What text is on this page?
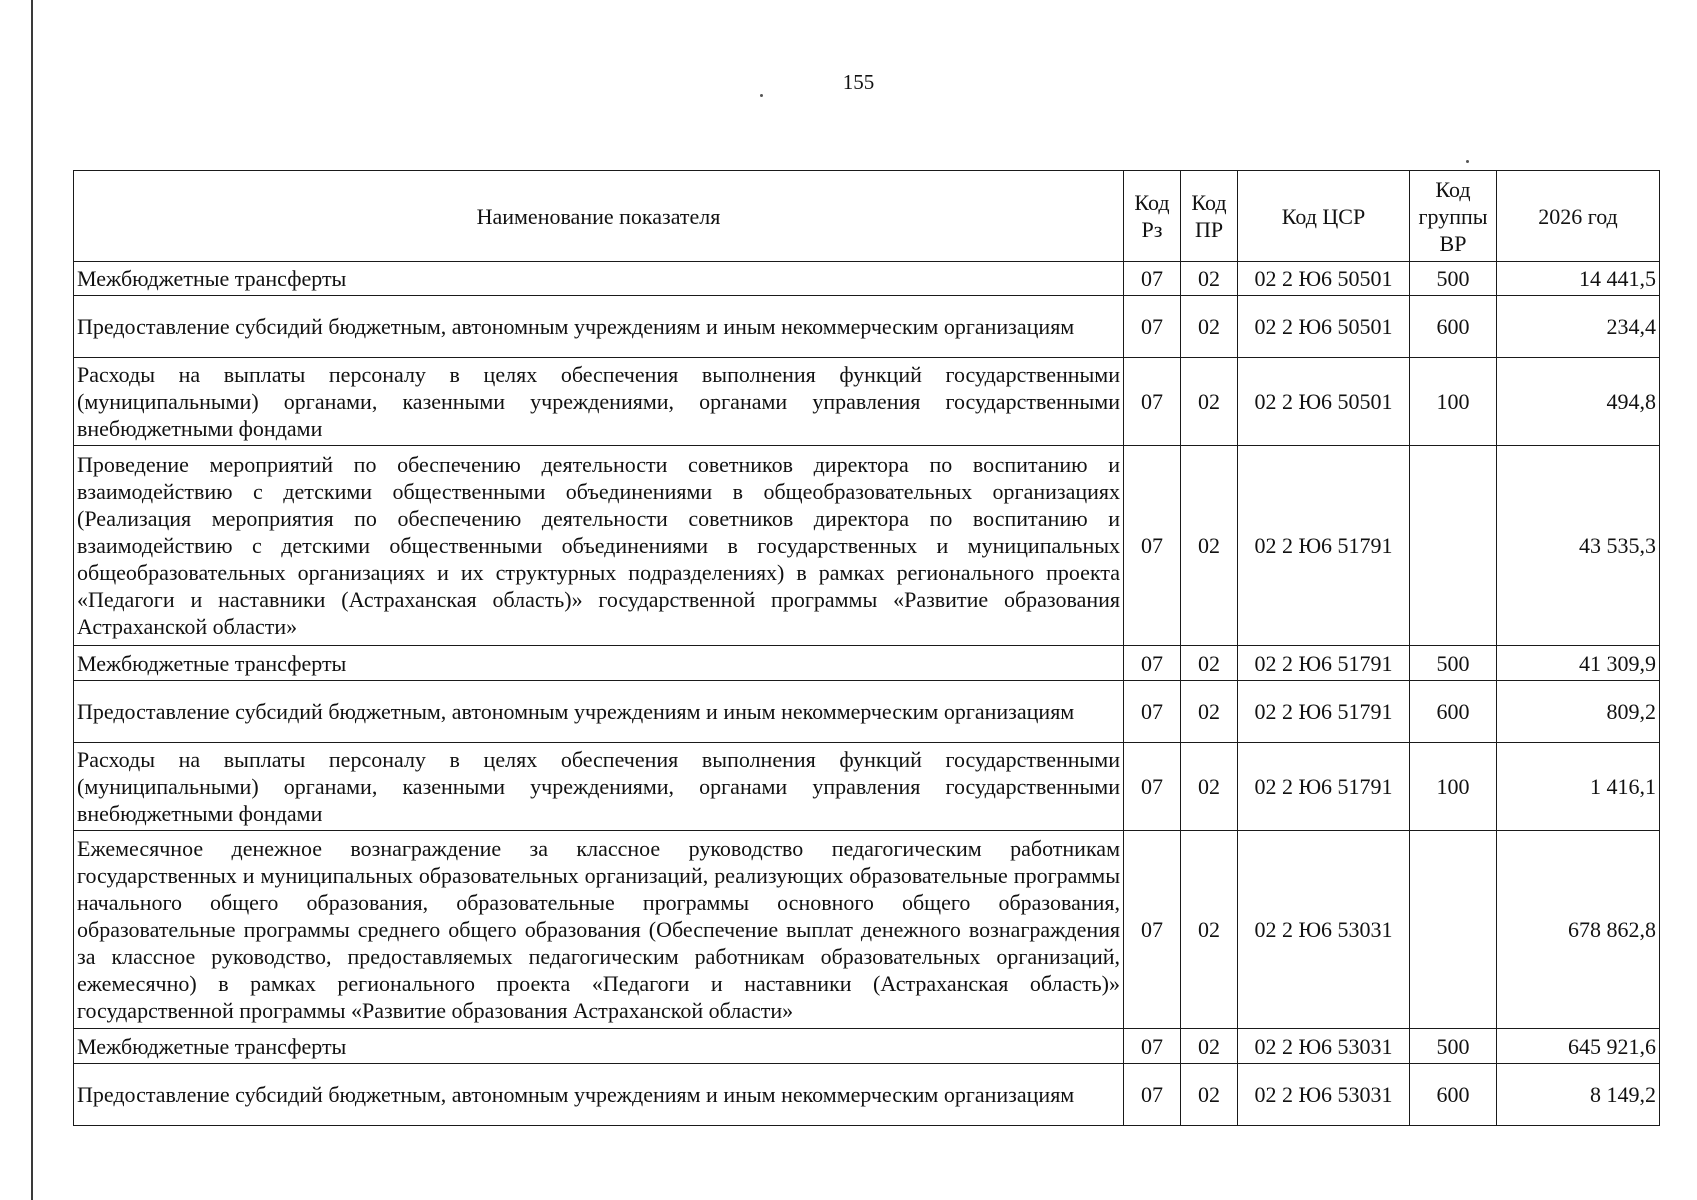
155
Наименование показателя	Код Рз	Код ПР	Код ЦСР	Код группы ВР	2026 год
Межбюджетные трансферты	07	02	02 2 Ю6 50501	500	14 441,5
Предоставление субсидий бюджетным, автономным учреждениям и иным некоммерческим организациям	07	02	02 2 Ю6 50501	600	234,4
Расходы на выплаты персоналу в целях обеспечения выполнения функций государственными (муниципальными) органами, казенными учреждениями, органами управления государственными внебюджетными фондами	07	02	02 2 Ю6 50501	100	494,8
Проведение мероприятий по обеспечению деятельности советников директора по воспитанию и взаимодействию с детскими общественными объединениями в общеобразовательных организациях (Реализация мероприятия по обеспечению деятельности советников директора по воспитанию и взаимодействию с детскими общественными объединениями в государственных и муниципальных общеобразовательных организациях и их структурных подразделениях) в рамках регионального проекта «Педагоги и наставники (Астраханская область)» государственной программы «Развитие образования Астраханской области»	07	02	02 2 Ю6 51791		43 535,3
Межбюджетные трансферты	07	02	02 2 Ю6 51791	500	41 309,9
Предоставление субсидий бюджетным, автономным учреждениям и иным некоммерческим организациям	07	02	02 2 Ю6 51791	600	809,2
Расходы на выплаты персоналу в целях обеспечения выполнения функций государственными (муниципальными) органами, казенными учреждениями, органами управления государственными внебюджетными фондами	07	02	02 2 Ю6 51791	100	1 416,1
Ежемесячное денежное вознаграждение за классное руководство педагогическим работникам государственных и муниципальных образовательных организаций, реализующих образовательные программы начального общего образования, образовательные программы основного общего образования, образовательные программы среднего общего образования (Обеспечение выплат денежного вознаграждения за классное руководство, предоставляемых педагогическим работникам образовательных организаций, ежемесячно) в рамках регионального проекта «Педагоги и наставники (Астраханская область)» государственной программы «Развитие образования Астраханской области»	07	02	02 2 Ю6 53031		678 862,8
Межбюджетные трансферты	07	02	02 2 Ю6 53031	500	645 921,6
Предоставление субсидий бюджетным, автономным учреждениям и иным некоммерческим организациям	07	02	02 2 Ю6 53031	600	8 149,2
